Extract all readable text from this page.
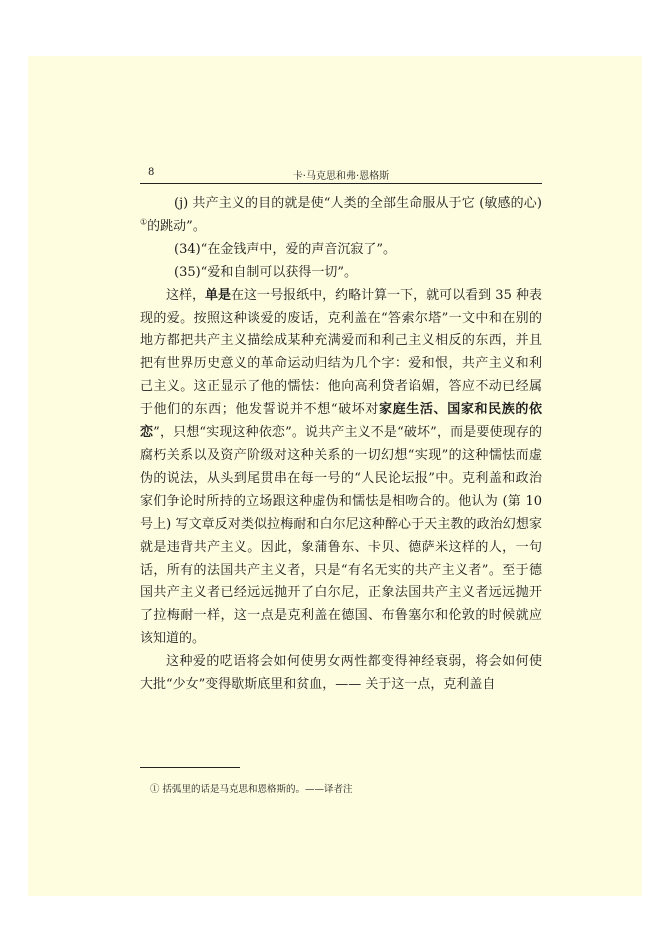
8	卡·马克思和弗·恩格斯

(j) 共产主义的目的就是使“人类的全部生命服从于它 (敏感的心) ①的跳动”。

(34)“在金钱声中，爱的声音沉寂了”。

(35)“爱和自制可以获得一切”。

这样，单是在这一号报纸中，约略计算一下，就可以看到 35 种表现的爱。按照这种谈爱的废话，克利盖在“答索尔塔”一文中和在别的地方都把共产主义描绘成某种充满爱而和利己主义相反的东西，并且把有世界历史意义的革命运动归结为几个字：爱和恨，共产主义和利己主义。这正显示了他的懦怯：他向高利贷者谄媚，答应不动已经属于他们的东西；他发誓说并不想“破坏对家庭生活、国家和民族的依恋”，只想“实现这种依恋”。说共产主义不是“破坏”，而是要使现存的腐朽关系以及资产阶级对这种关系的一切幻想“实现”的这种懦怯而虚伪的说法，从头到尾贯串在每一号的“人民论坛报”中。克利盖和政治家们争论时所持的立场跟这种虚伪和懦怯是相吻合的。他认为 (第 10 号上) 写文章反对类似拉梅耐和白尔尼这种醉心于天主教的政治幻想家就是违背共产主义。因此，象蒲鲁东、卡贝、德萨米这样的人，一句话，所有的法国共产主义者，只是“有名无实的共产主义者”。至于德国共产主义者已经远远抛开了白尔尼，正象法国共产主义者远远抛开了拉梅耐一样，这一点是克利盖在德国、布鲁塞尔和伦敦的时候就应该知道的。

这种爱的呓语将会如何使男女两性都变得神经衰弱，将会如何使大批“少女”变得歇斯底里和贫血，—— 关于这一点，克利盖自

① 括弧里的话是马克思和恩格斯的。——译者注
